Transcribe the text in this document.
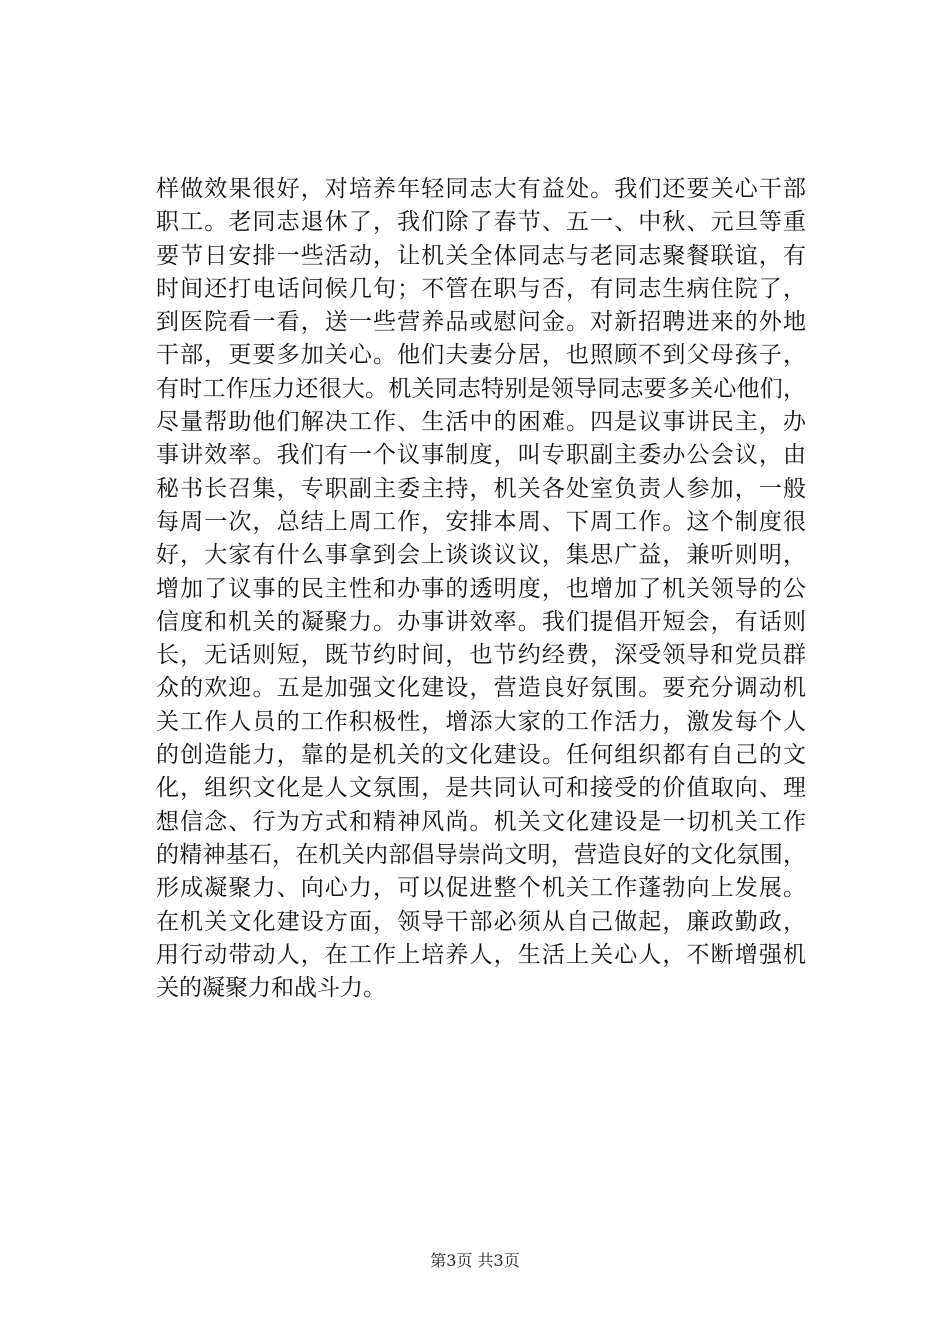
样做效果很好，对培养年轻同志大有益处。我们还要关心干部
职工。老同志退休了，我们除了春节、五一、中秋、元旦等重
要节日安排一些活动，让机关全体同志与老同志聚餐联谊，有
时间还打电话问候几句；不管在职与否，有同志生病住院了，
到医院看一看，送一些营养品或慰问金。对新招聘进来的外地
干部，更要多加关心。他们夫妻分居，也照顾不到父母孩子，
有时工作压力还很大。机关同志特别是领导同志要多关心他们，
尽量帮助他们解决工作、生活中的困难。四是议事讲民主，办
事讲效率。我们有一个议事制度，叫专职副主委办公会议，由
秘书长召集，专职副主委主持，机关各处室负责人参加，一般
每周一次，总结上周工作，安排本周、下周工作。这个制度很
好，大家有什么事拿到会上谈谈议议，集思广益，兼听则明，
增加了议事的民主性和办事的透明度，也增加了机关领导的公
信度和机关的凝聚力。办事讲效率。我们提倡开短会，有话则
长，无话则短，既节约时间，也节约经费，深受领导和党员群
众的欢迎。五是加强文化建设，营造良好氛围。要充分调动机
关工作人员的工作积极性，增添大家的工作活力，激发每个人
的创造能力，靠的是机关的文化建设。任何组织都有自己的文
化，组织文化是人文氛围，是共同认可和接受的价值取向、理
想信念、行为方式和精神风尚。机关文化建设是一切机关工作
的精神基石，在机关内部倡导崇尚文明，营造良好的文化氛围，
形成凝聚力、向心力，可以促进整个机关工作蓬勃向上发展。
在机关文化建设方面，领导干部必须从自己做起，廉政勤政，
用行动带动人，在工作上培养人，生活上关心人，不断增强机
关的凝聚力和战斗力。
第3页 共3页
